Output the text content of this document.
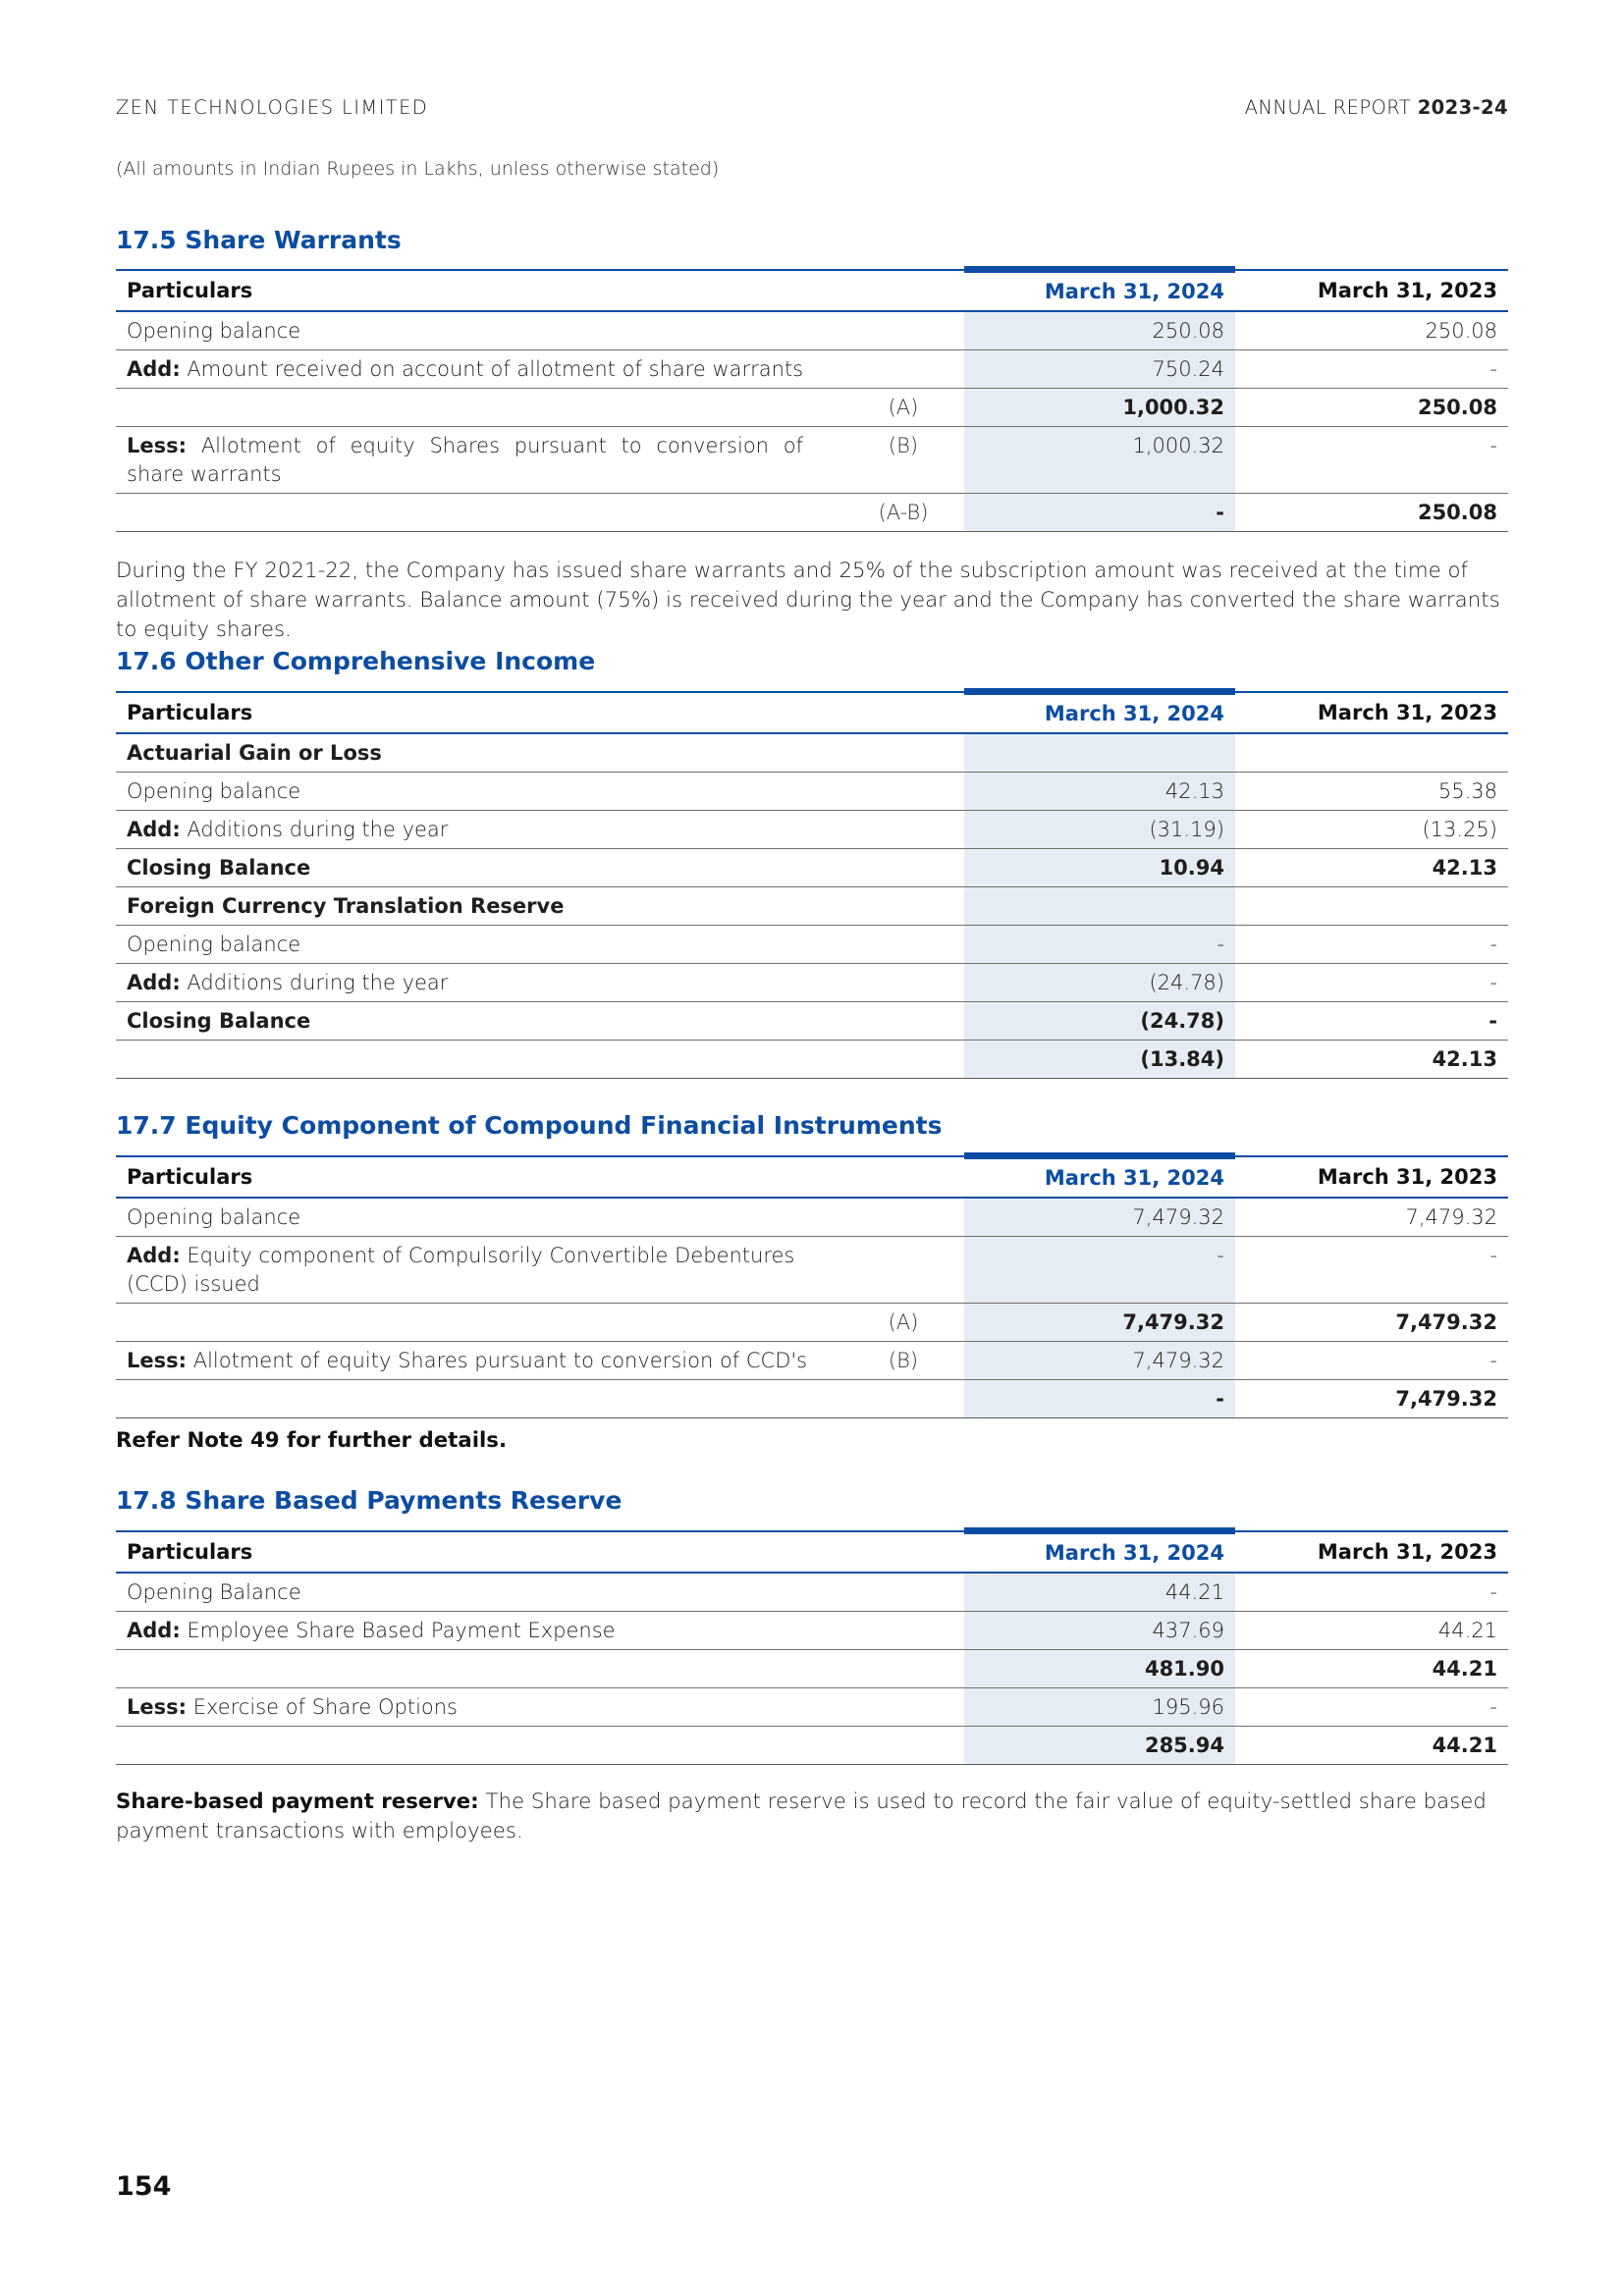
ZEN TECHNOLOGIES LIMITED	ANNUAL REPORT 2023-24
(All amounts in Indian Rupees in Lakhs, unless otherwise stated)
17.5 Share Warrants
Particulars		March 31, 2024	March 31, 2023
Opening balance		250.08	250.08
Add: Amount received on account of allotment of share warrants		750.24	-
	(A)	1,000.32	250.08
Less: Allotment of equity Shares pursuant to conversion of share warrants	(B)	1,000.32	-
	(A-B)	-	250.08

During the FY 2021-22, the Company has issued share warrants and 25% of the subscription amount was received at the time of allotment of share warrants. Balance amount (75%) is received during the year and the Company has converted the share warrants to equity shares.

17.6 Other Comprehensive Income
Particulars	March 31, 2024	March 31, 2023
Actuarial Gain or Loss		
Opening balance	42.13	55.38
Add: Additions during the year	(31.19)	(13.25)
Closing Balance	10.94	42.13
Foreign Currency Translation Reserve		
Opening balance	-	-
Add: Additions during the year	(24.78)	-
Closing Balance	(24.78)	-
	(13.84)	42.13
17.7 Equity Component of Compound Financial Instruments
Particulars		March 31, 2024	March 31, 2023
Opening balance		7,479.32	7,479.32
Add: Equity component of Compulsorily Convertible Debentures (CCD) issued		-	-
	(A)	7,479.32	7,479.32
Less: Allotment of equity Shares pursuant to conversion of CCD's	(B)	7,479.32	-
		-	7,479.32

Refer Note 49 for further details.

17.8 Share Based Payments Reserve
Particulars	March 31, 2024	March 31, 2023
Opening Balance	44.21	-
Add: Employee Share Based Payment Expense	437.69	44.21
	481.90	44.21
Less: Exercise of Share Options	195.96	-
	285.94	44.21

Share-based payment reserve: The Share based payment reserve is used to record the fair value of equity-settled share based payment transactions with employees.

154
